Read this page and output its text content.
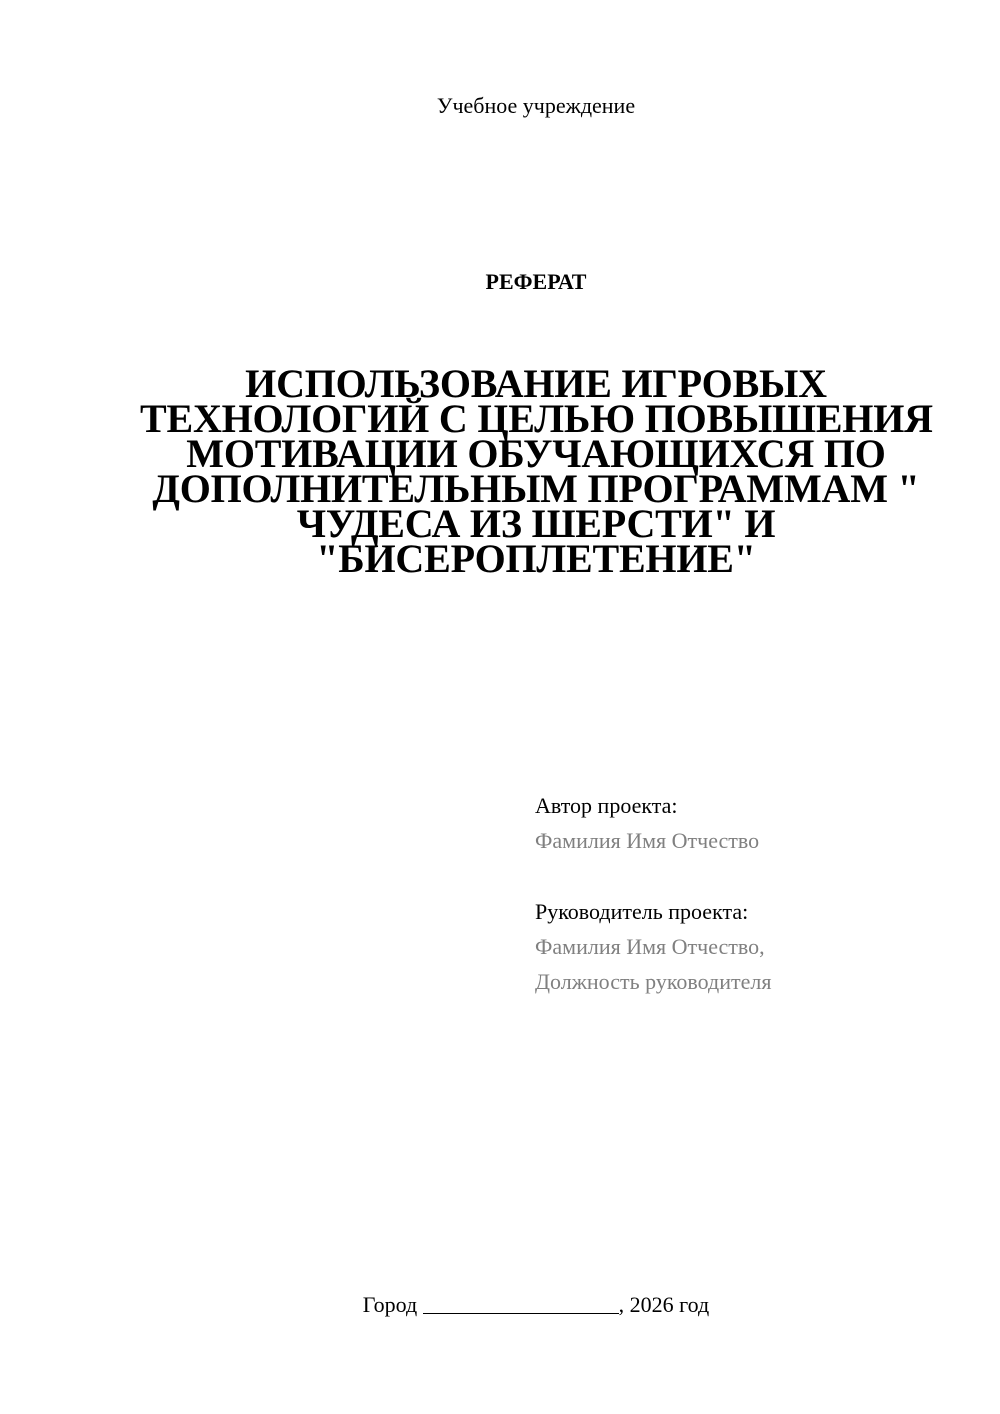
Учебное учреждение
РЕФЕРАТ
ИСПОЛЬЗОВАНИЕ ИГРОВЫХ
ТЕХНОЛОГИЙ С ЦЕЛЬЮ ПОВЫШЕНИЯ
МОТИВАЦИИ ОБУЧАЮЩИХСЯ ПО
ДОПОЛНИТЕЛЬНЫМ ПРОГРАММАМ "
ЧУДЕСА ИЗ ШЕРСТИ" И
"БИСЕРОПЛЕТЕНИЕ"
Автор проекта:
Фамилия Имя Отчество
Руководитель проекта:
Фамилия Имя Отчество,
Должность руководителя
Город	, 2026 год
